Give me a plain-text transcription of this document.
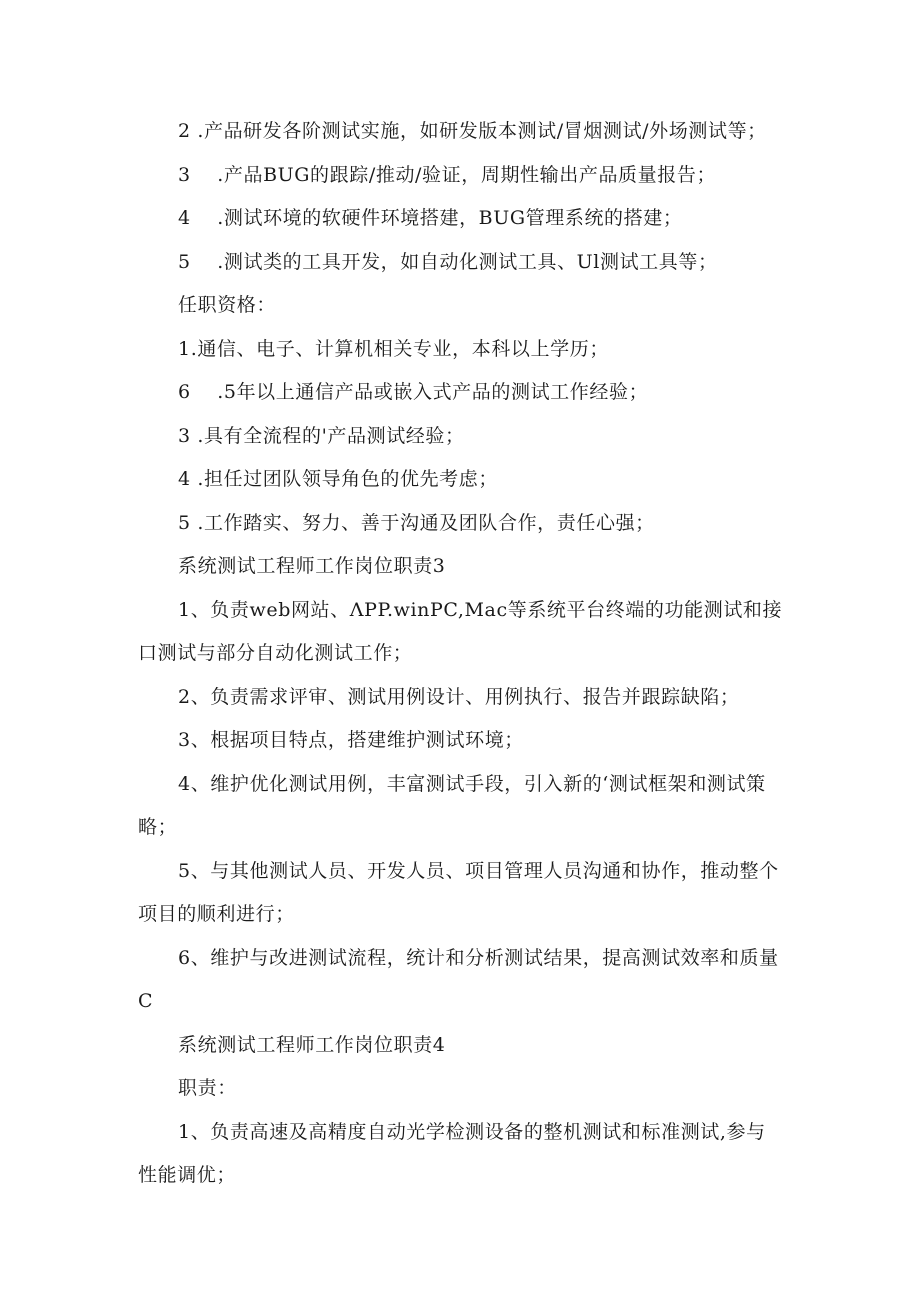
2 .产品研发各阶测试实施，如研发版本测试/冒烟测试/外场测试等；

3    .产品BUG的跟踪/推动/验证，周期性输出产品质量报告；

4    .测试环境的软硬件环境搭建，BUG管理系统的搭建；

5    .测试类的工具开发，如自动化测试工具、Ul测试工具等；

任职资格：

1.通信、电子、计算机相关专业，本科以上学历；

6    .5年以上通信产品或嵌入式产品的测试工作经验；

3 .具有全流程的'产品测试经验；

4 .担任过团队领导角色的优先考虑；

5 .工作踏实、努力、善于沟通及团队合作，责任心强；

系统测试工程师工作岗位职责3

1、负责web网站、ΛPP.winPC,Mac等系统平台终端的功能测试和接

口测试与部分自动化测试工作；

2、负责需求评审、测试用例设计、用例执行、报告并跟踪缺陷；

3、根据项目特点，搭建维护测试环境；

4、维护优化测试用例，丰富测试手段，引入新的‘测试框架和测试策

略；

5、与其他测试人员、开发人员、项目管理人员沟通和协作，推动整个

项目的顺利进行；

6、维护与改进测试流程，统计和分析测试结果，提高测试效率和质量

C

系统测试工程师工作岗位职责4

职责：

1、负责高速及高精度自动光学检测设备的整机测试和标准测试,参与

性能调优；
